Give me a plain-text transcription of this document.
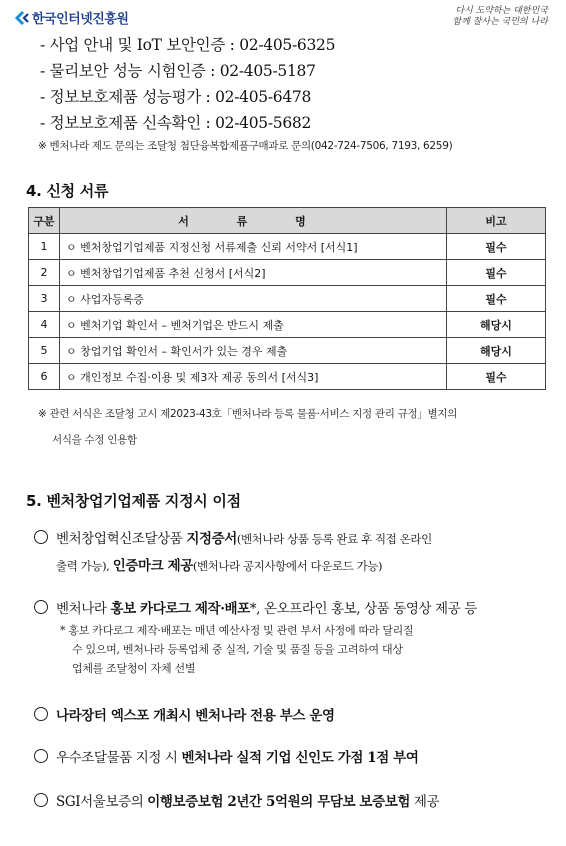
한국인터넷진흥원
다시 도약하는 대한민국
함께 잘사는 국민의 나라
- 사업 안내 및 IoT 보안인증 : 02-405-6325
- 물리보안 성능 시험인증 : 02-405-5187
- 정보보호제품 성능평가 : 02-405-6478
- 정보보호제품 신속확인 : 02-405-5682
※ 벤처나라 제도 문의는 조달청 첨단융복합제품구매과로 문의(042-724-7506, 7193, 6259)
4. 신청 서류
구분	서 류 명	비고
1	ㅇ 벤처창업기업제품 지정신청 서류제출 신뢰 서약서 [서식1]	필수
2	ㅇ 벤처창업기업제품 추천 신청서 [서식2]	필수
3	ㅇ 사업자등록증	필수
4	ㅇ 벤처기업 확인서 – 벤처기업은 반드시 제출	해당시
5	ㅇ 창업기업 확인서 – 확인서가 있는 경우 제출	해당시
6	ㅇ 개인정보 수집·이용 및 제3자 제공 동의서 [서식3]	필수
※ 관련 서식은 조달청 고시 제2023-43호「벤처나라 등록 물품·서비스 지정 관리 규정」별지의
서식을 수정 인용함
5. 벤처창업기업제품 지정시 이점
벤처창업혁신조달상품 지정증서(벤처나라 상품 등록 완료 후 직접 온라인
출력 가능), 인증마크 제공(벤처나라 공지사항에서 다운로드 가능)
벤처나라 홍보 카다로그 제작·배포*, 온오프라인 홍보, 상품 동영상 제공 등
* 홍보 카다로그 제작·배포는 매년 예산사정 및 관련 부서 사정에 따라 달리질
수 있으며, 벤처나라 등록업체 중 실적, 기술 및 품질 등을 고려하여 대상
업체를 조달청이 자체 선별
나라장터 엑스포 개최시 벤처나라 전용 부스 운영
우수조달물품 지정 시 벤처나라 실적 기업 신인도 가점 1점 부여
SGI서울보증의 이행보증보험 2년간 5억원의 무담보 보증보험 제공
